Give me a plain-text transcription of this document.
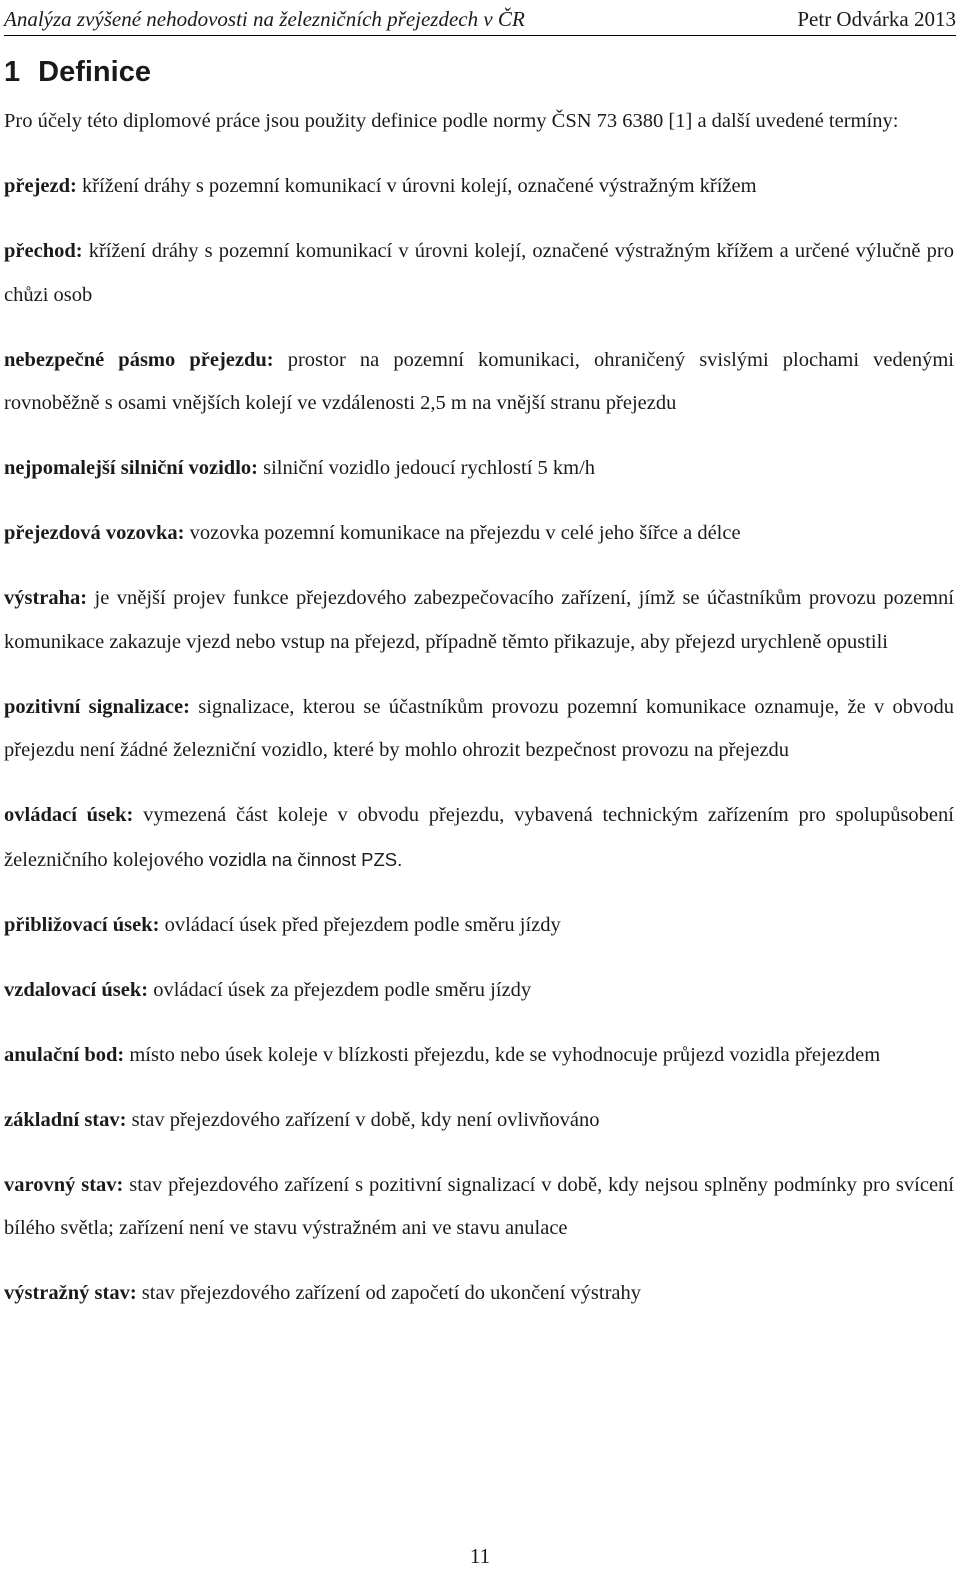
Analýza zvýšené nehodovosti na železničních přejezdech v ČR	Petr Odvárka 2013
1 Definice

Pro účely této diplomové práce jsou použity definice podle normy ČSN 73 6380 [1] a další uvedené termíny:

přejezd: křížení dráhy s pozemní komunikací v úrovni kolejí, označené výstražným křížem

přechod: křížení dráhy s pozemní komunikací v úrovni kolejí, označené výstražným křížem a určené výlučně pro chůzi osob

nebezpečné pásmo přejezdu: prostor na pozemní komunikaci, ohraničený svislými plochami vedenými rovnoběžně s osami vnějších kolejí ve vzdálenosti 2,5 m na vnější stranu přejezdu

nejpomalejší silniční vozidlo: silniční vozidlo jedoucí rychlostí 5 km/h

přejezdová vozovka: vozovka pozemní komunikace na přejezdu v celé jeho šířce a délce

výstraha: je vnější projev funkce přejezdového zabezpečovacího zařízení, jímž se účastníkům provozu pozemní komunikace zakazuje vjezd nebo vstup na přejezd, případně těmto přikazuje, aby přejezd urychleně opustili

pozitivní signalizace: signalizace, kterou se účastníkům provozu pozemní komunikace oznamuje, že v obvodu přejezdu není žádné železniční vozidlo, které by mohlo ohrozit bezpečnost provozu na přejezdu

ovládací úsek: vymezená část koleje v obvodu přejezdu, vybavená technickým zařízením pro spolupůsobení železničního kolejového vozidla na činnost PZS.

přibližovací úsek: ovládací úsek před přejezdem podle směru jízdy

vzdalovací úsek: ovládací úsek za přejezdem podle směru jízdy

anulační bod: místo nebo úsek koleje v blízkosti přejezdu, kde se vyhodnocuje průjezd vozidla přejezdem

základní stav: stav přejezdového zařízení v době, kdy není ovlivňováno

varovný stav: stav přejezdového zařízení s pozitivní signalizací v době, kdy nejsou splněny podmínky pro svícení bílého světla; zařízení není ve stavu výstražném ani ve stavu anulace

výstražný stav: stav přejezdového zařízení od započetí do ukončení výstrahy

11
